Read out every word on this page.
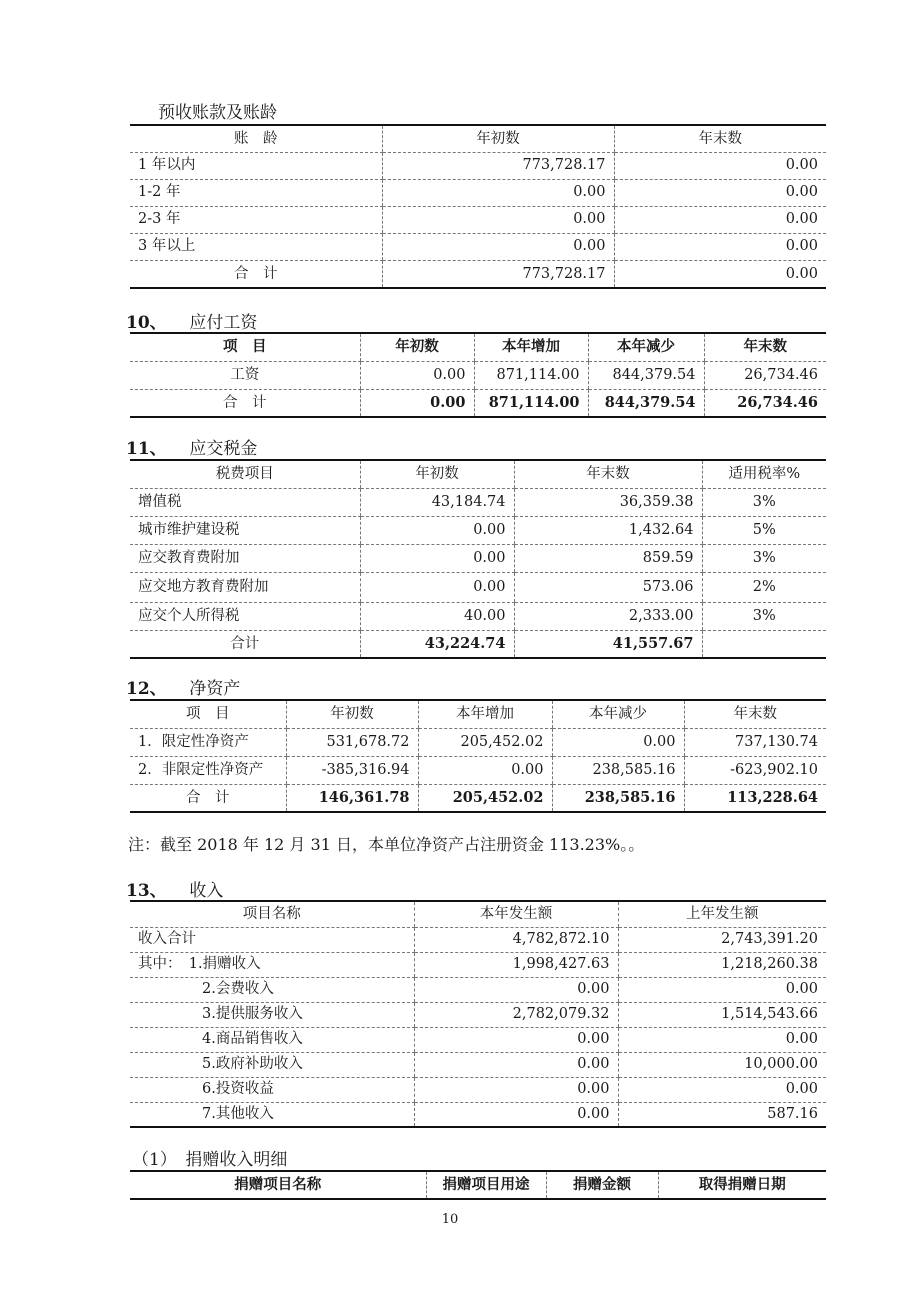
预收账款及账龄
账　龄	年初数	年末数
1 年以内	773,728.17	0.00
1-2 年	0.00	0.00
2-3 年	0.00	0.00
3 年以上	0.00	0.00
合　计	773,728.17	0.00
10、 应付工资
项　目	年初数	本年增加	本年减少	年末数
工资	0.00	871,114.00	844,379.54	26,734.46
合　计	0.00	871,114.00	844,379.54	26,734.46
11、 应交税金
税费项目	年初数	年末数	适用税率%
增值税	43,184.74	36,359.38	3%
城市维护建设税	0.00	1,432.64	5%
应交教育费附加	0.00	859.59	3%
应交地方教育费附加	0.00	573.06	2%
应交个人所得税	40.00	2,333.00	3%
合计	43,224.74	41,557.67	
12、 净资产
项　目	年初数	本年增加	本年减少	年末数
1．限定性净资产	531,678.72	205,452.02	0.00	737,130.74
2．非限定性净资产	-385,316.94	0.00	238,585.16	-623,902.10
合　计	146,361.78	205,452.02	238,585.16	113,228.64
注：截至 2018 年 12 月 31 日，本单位净资产占注册资金 113.23%。。
13、 收入
项目名称	本年发生额	上年发生额
收入合计	4,782,872.10	2,743,391.20
其中：　1.捐赠收入	1,998,427.63	1,218,260.38
2.会费收入	0.00	0.00
3.提供服务收入	2,782,079.32	1,514,543.66
4.商品销售收入	0.00	0.00
5.政府补助收入	0.00	10,000.00
6.投资收益	0.00	0.00
7.其他收入	0.00	587.16
（1） 捐赠收入明细
捐赠项目名称	捐赠项目用途	捐赠金额	取得捐赠日期
10
